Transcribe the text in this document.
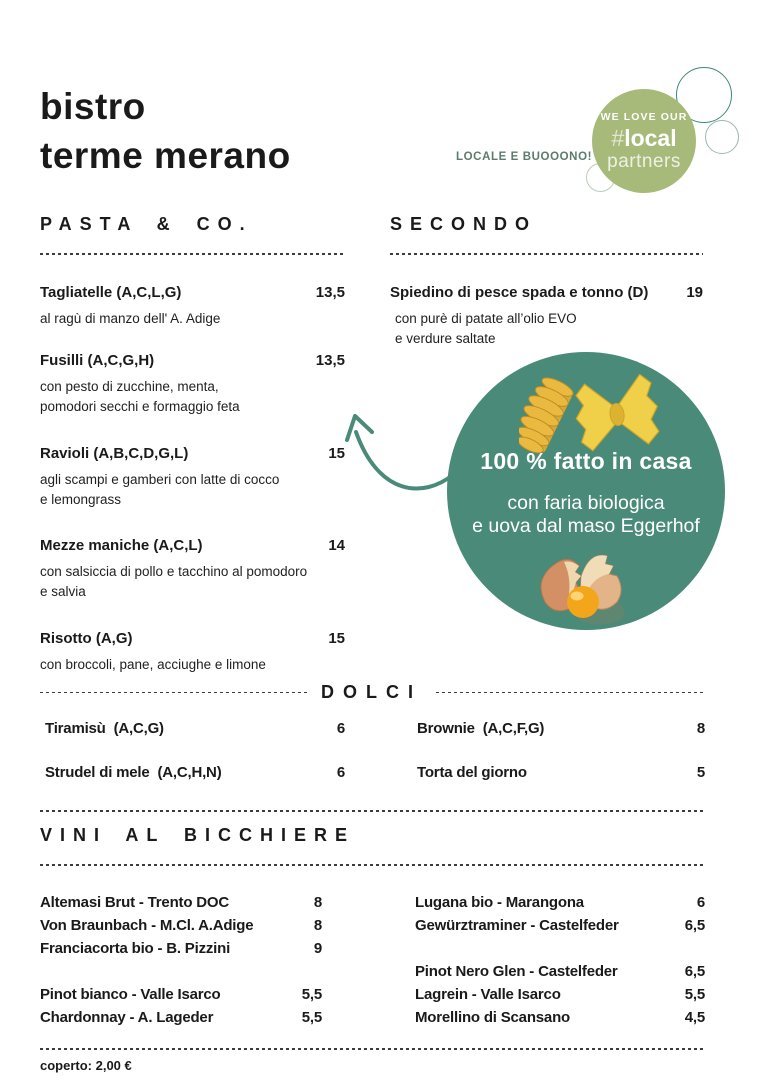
bistro
terme merano	LOCALE E BUOOONO!
WE LOVE OUR
#local
partners
PASTA & CO.
Tagliatelle (A,C,L,G)	13,5
al ragù di manzo dell' A. Adige
Fusilli (A,C,G,H)	13,5
con pesto di zucchine, menta,
pomodori secchi e formaggio feta
Ravioli (A,B,C,D,G,L)	15
agli scampi e gamberi con latte di cocco
e lemongrass
Mezze maniche (A,C,L)	14
con salsiccia di pollo e tacchino al pomodoro
e salvia
Risotto (A,G)	15
con broccoli, pane, acciughe e limone
SECONDO
Spiedino di pesce spada e tonno (D)	19
con purè di patate all’olio EVO
e verdure saltate
100 % fatto in casa
con faria biologica
e uova dal maso Eggerhof
DOLCI
Tiramisù  (A,C,G)	6
Strudel di mele  (A,C,H,N)	6
Brownie  (A,C,F,G)	8
Torta del giorno	5
VINI AL BICCHIERE
Altemasi Brut - Trento DOC	8
Von Braunbach - M.Cl. A.Adige	8
Franciacorta bio - B. Pizzini	9
Pinot bianco - Valle Isarco	5,5
Chardonnay - A. Lageder	5,5
Lugana bio - Marangona	6
Gewürztraminer - Castelfeder	6,5
Pinot Nero Glen - Castelfeder	6,5
Lagrein - Valle Isarco	5,5
Morellino di Scansano	4,5
coperto: 2,00 €
